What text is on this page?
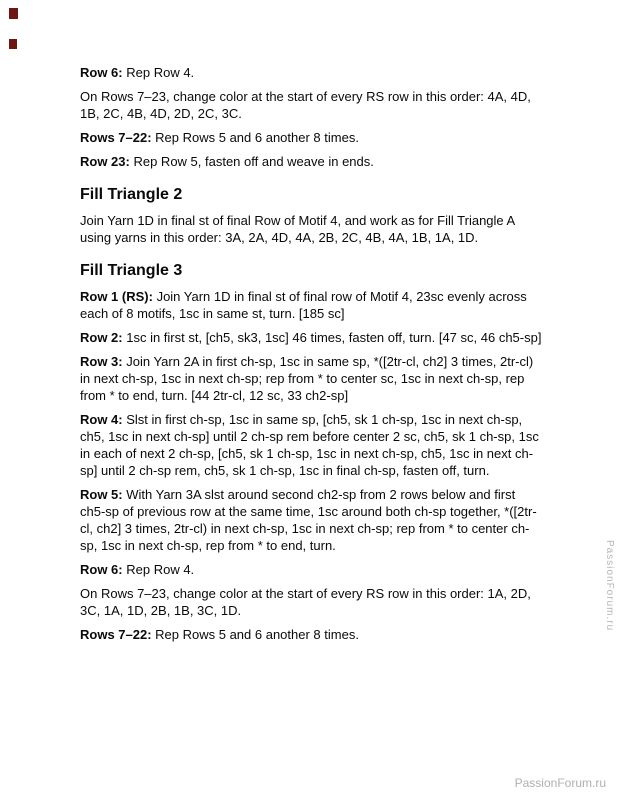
Row 6: Rep Row 4.

On Rows 7–23, change color at the start of every RS row in this order: 4A, 4D, 1B, 2C, 4B, 4D, 2D, 2C, 3C.

Rows 7–22: Rep Rows 5 and 6 another 8 times.

Row 23: Rep Row 5, fasten off and weave in ends.

Fill Triangle 2

Join Yarn 1D in final st of final Row of Motif 4, and work as for Fill Triangle A using yarns in this order: 3A, 2A, 4D, 4A, 2B, 2C, 4B, 4A, 1B, 1A, 1D.

Fill Triangle 3

Row 1 (RS): Join Yarn 1D in final st of final row of Motif 4, 23sc evenly across each of 8 motifs, 1sc in same st, turn. [185 sc]

Row 2: 1sc in first st, [ch5, sk3, 1sc] 46 times, fasten off, turn. [47 sc, 46 ch5-sp]

Row 3: Join Yarn 2A in first ch-sp, 1sc in same sp, *([2tr-cl, ch2] 3 times, 2tr-cl) in next ch-sp, 1sc in next ch-sp; rep from * to center sc, 1sc in next ch-sp, rep from * to end, turn. [44 2tr-cl, 12 sc, 33 ch2-sp]

Row 4: Slst in first ch-sp, 1sc in same sp, [ch5, sk 1 ch-sp, 1sc in next ch-sp, ch5, 1sc in next ch-sp] until 2 ch-sp rem before center 2 sc, ch5, sk 1 ch-sp, 1sc in each of next 2 ch-sp, [ch5, sk 1 ch-sp, 1sc in next ch-sp, ch5, 1sc in next ch-sp] until 2 ch-sp rem, ch5, sk 1 ch-sp, 1sc in final ch-sp, fasten off, turn.

Row 5: With Yarn 3A slst around second ch2-sp from 2 rows below and first ch5-sp of previous row at the same time, 1sc around both ch-sp together, *([2tr-cl, ch2] 3 times, 2tr-cl) in next ch-sp, 1sc in next ch-sp; rep from * to center ch-sp, 1sc in next ch-sp, rep from * to end, turn.

Row 6: Rep Row 4.

On Rows 7–23, change color at the start of every RS row in this order: 1A, 2D, 3C, 1A, 1D, 2B, 1B, 3C, 1D.

Rows 7–22: Rep Rows 5 and 6 another 8 times.

PassionForum.ru
PassionForum.ru
